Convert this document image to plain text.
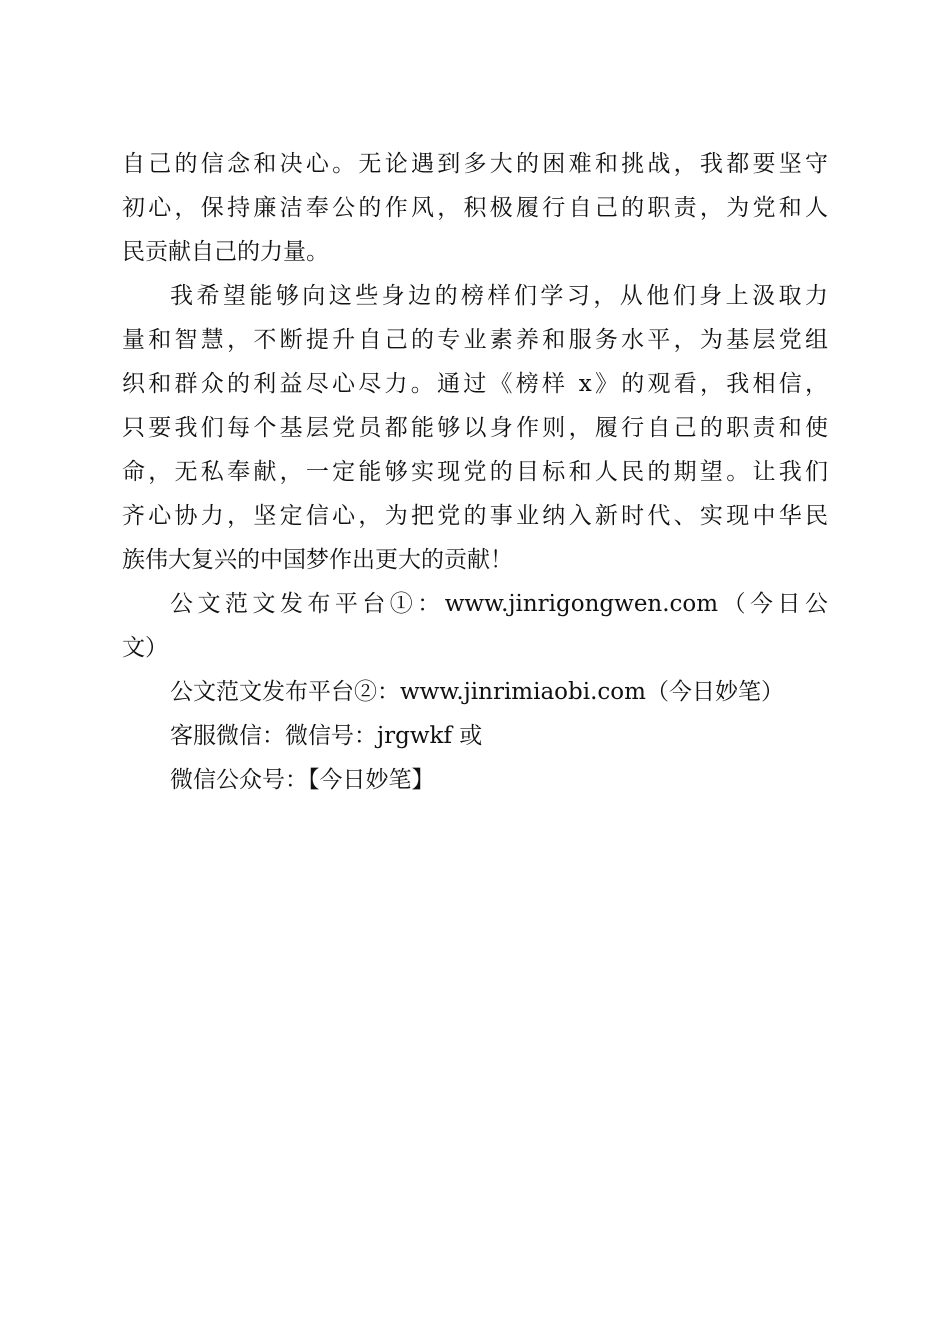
自己的信念和决心。无论遇到多大的困难和挑战，我都要坚守
初心，保持廉洁奉公的作风，积极履行自己的职责，为党和人
民贡献自己的力量。
我希望能够向这些身边的榜样们学习，从他们身上汲取力
量和智慧，不断提升自己的专业素养和服务水平，为基层党组
织和群众的利益尽心尽力。通过《榜样 x》的观看，我相信，
只要我们每个基层党员都能够以身作则，履行自己的职责和使
命，无私奉献，一定能够实现党的目标和人民的期望。让我们
齐心协力，坚定信心，为把党的事业纳入新时代、实现中华民
族伟大复兴的中国梦作出更大的贡献！
公文范文发布平台①：www.jinrigongwen.com（今日公
文）
公文范文发布平台②：www.jinrimiaobi.com（今日妙笔）
客服微信：微信号：jrgwkf 或
微信公众号：【今日妙笔】
